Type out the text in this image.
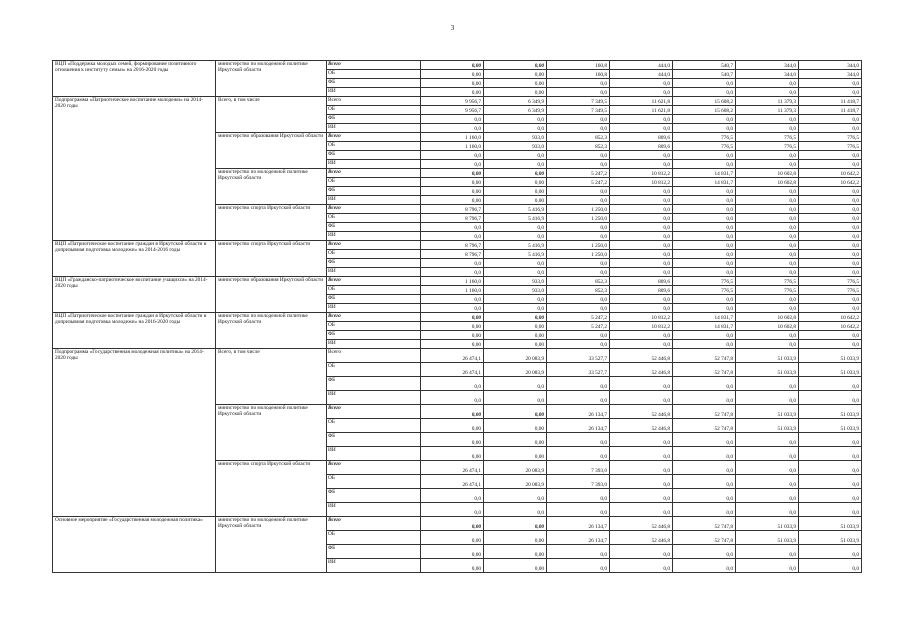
3
ВЦП «Поддержка молодых семей, формирование позитивного отношения к институту семьи» на 2016-2020 годы	министерство по молодежной политике Иркутской области	Всего	0,00	0,00	160,8	444,0	540,7	344,0	344,0
		ОБ	0,00	0,00	160,8	444,0	540,7	344,0	344,0
		ФБ	0,00	0,00	0,0	0,0	0,0	0,0	0,0
		ИИ	0,00	0,00	0,0	0,0	0,0	0,0	0,0
Подпрограмма «Патриотическое воспитание молодежи» на 2014-2020 годы	Всего, в том числе	Всего	9 956,7	6 349,9	7 349,5	11 621,8	15 608,2	11 379,3	11 418,7
		ОБ	9 956,7	6 349,9	7 349,5	11 621,8	15 608,2	11 379,3	11 418,7
		ФБ	0,0	0,0	0,0	0,0	0,0	0,0	0,0
		ИИ	0,0	0,0	0,0	0,0	0,0	0,0	0,0
	министерство образования Иркутской области	Всего	1 160,0	933,0	852,3	809,6	776,5	776,5	776,5
		ОБ	1 160,0	933,0	852,3	809,6	776,5	776,5	776,5
		ФБ	0,0	0,0	0,0	0,0	0,0	0,0	0,0
		ИИ	0,0	0,0	0,0	0,0	0,0	0,0	0,0
	министерство по молодежной политике Иркутской области	Всего	0,00	0,00	5 247,2	10 812,2	14 831,7	10 602,8	10 642,2
		ОБ	0,00	0,00	5 247,2	10 812,2	14 831,7	10 602,8	10 642,2
		ФБ	0,00	0,00	0,0	0,0	0,0	0,0	0,0
		ИИ	0,00	0,00	0,0	0,0	0,0	0,0	0,0
	министерство спорта Иркутской области	Всего	8 796,7	5 416,9	1 250,0	0,0	0,0	0,0	0,0
		ОБ	8 796,7	5 416,9	1 250,0	0,0	0,0	0,0	0,0
		ФБ	0,0	0,0	0,0	0,0	0,0	0,0	0,0
		ИИ	0,0	0,0	0,0	0,0	0,0	0,0	0,0
ВЦП «Патриотическое воспитание граждан в Иркутской области и допризывная подготовка молодежи» на 2014-2016 годы	министерство спорта Иркутской области	Всего	8 796,7	5 416,9	1 250,0	0,0	0,0	0,0	0,0
		ОБ	8 796,7	5 416,9	1 250,0	0,0	0,0	0,0	0,0
		ФБ	0,0	0,0	0,0	0,0	0,0	0,0	0,0
		ИИ	0,0	0,0	0,0	0,0	0,0	0,0	0,0
ВЦП «Гражданско-патриотическое воспитание учащихся» на 2014-2020 годы	министерство образования Иркутской области	Всего	1 160,0	933,0	852,3	809,6	776,5	776,5	776,5
		ОБ	1 160,0	933,0	852,3	809,6	776,5	776,5	776,5
		ФБ	0,0	0,0	0,0	0,0	0,0	0,0	0,0
		ИИ	0,0	0,0	0,0	0,0	0,0	0,0	0,0
ВЦП «Патриотическое воспитание граждан в Иркутской области и допризывная подготовка молодежи» на 2016-2020 годы	министерство по молодежной политике Иркутской области	Всего	0,00	0,00	5 247,2	10 812,2	14 831,7	10 602,8	10 642,2
		ОБ	0,00	0,00	5 247,2	10 812,2	14 831,7	10 602,8	10 642,2
		ФБ	0,00	0,00	0,0	0,0	0,0	0,0	0,0
		ИИ	0,00	0,00	0,0	0,0	0,0	0,0	0,0
Подпрограмма «Государственная молодежная политика» на 2014-2020 годы	Всего, в том числе	Всего	26 474,1	20 083,9	33 527,7	52 446,8	52 747,8	51 033,9	51 033,9
		ОБ	26 474,1	20 083,9	33 527,7	52 446,8	52 747,8	51 033,9	51 033,9
		ФБ	0,0	0,0	0,0	0,0	0,0	0,0	0,0
		ИИ	0,0	0,0	0,0	0,0	0,0	0,0	0,0
	министерство по молодежной политике Иркутской области	Всего	0,00	0,00	26 134,7	52 446,8	52 747,8	51 033,9	51 033,9
		ОБ	0,00	0,00	26 134,7	52 446,8	52 747,8	51 033,9	51 033,9
		ФБ	0,00	0,00	0,0	0,0	0,0	0,0	0,0
		ИИ	0,00	0,00	0,0	0,0	0,0	0,0	0,0
	министерство спорта Иркутской области	Всего	26 474,1	20 083,9	7 393,0	0,0	0,0	0,0	0,0
		ОБ	26 474,1	20 083,9	7 393,0	0,0	0,0	0,0	0,0
		ФБ	0,0	0,0	0,0	0,0	0,0	0,0	0,0
		ИИ	0,0	0,0	0,0	0,0	0,0	0,0	0,0
Основное мероприятие «Государственная молодежная политика»	министерство по молодежной политике Иркутской области	Всего	0,00	0,00	26 134,7	52 446,8	52 747,8	51 033,9	51 033,9
		ОБ	0,00	0,00	26 134,7	52 446,8	52 747,8	51 033,9	51 033,9
		ФБ	0,00	0,00	0,0	0,0	0,0	0,0	0,0
		ИИ	0,00	0,00	0,0	0,0	0,0	0,0	0,0
